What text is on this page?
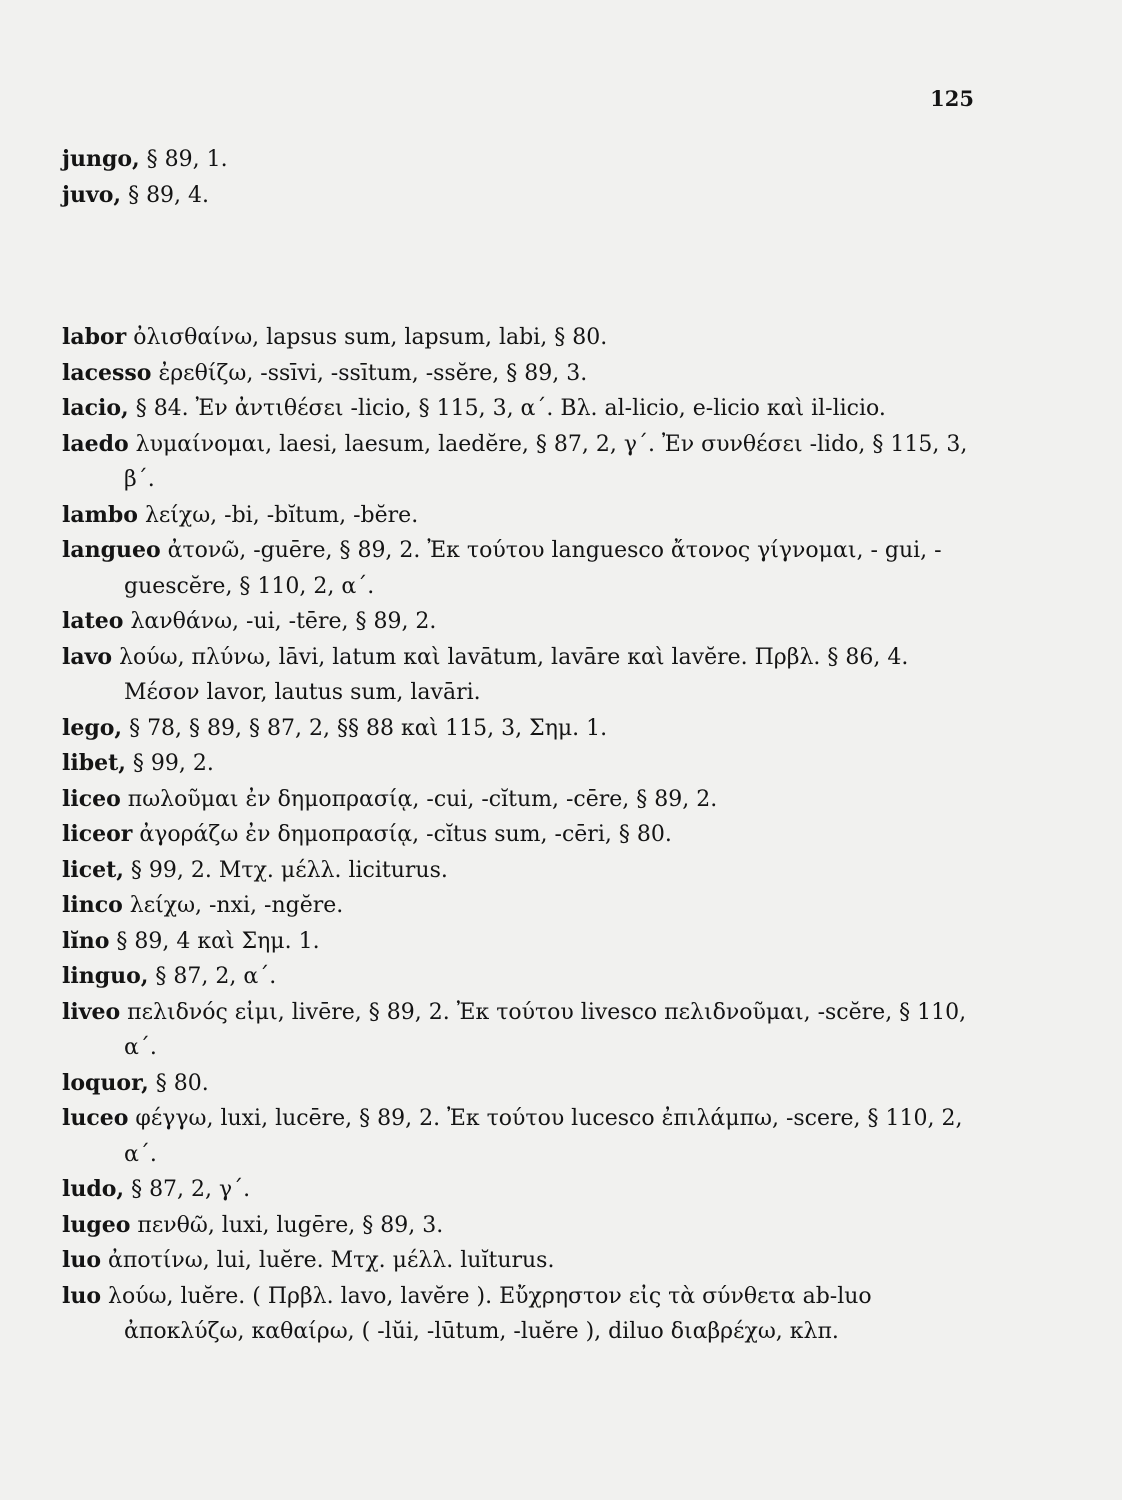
125
jungo, § 89, 1.
juvo, § 89, 4.
labor ὀλισθαίνω, lapsus sum, lapsum, labi, § 80.
lacesso ἐρεθίζω, -ssīvi, -ssītum, -ssĕre, § 89, 3.
lacio, § 84. Ἐν ἀντιθέσει -licio, § 115, 3, α΄. Βλ. al-licio, e-licio καὶ il-licio.
laedo λυμαίνομαι, laesi, laesum, laedĕre, § 87, 2, γ΄. Ἐν συνθέσει -lido, § 115, 3, β΄.
lambo λείχω, -bi, -bĭtum, -bĕre.
langueo ἀτονῶ, -guēre, § 89, 2. Ἐκ τούτου languesco ἄτονος γίγνομαι, - gui, - guescĕre, § 110, 2, α΄.
lateo λανθάνω, -ui, -tēre, § 89, 2.
lavo λούω, πλύνω, lāvi, latum καὶ lavātum, lavāre καὶ lavĕre. Πρβλ. § 86, 4. Μέσον lavor, lautus sum, lavāri.
lego, § 78, § 89, § 87, 2, §§ 88 καὶ 115, 3, Σημ. 1.
libet, § 99, 2.
liceo πωλοῦμαι ἐν δημοπρασίᾳ, -cui, -cĭtum, -cēre, § 89, 2.
liceor ἀγοράζω ἐν δημοπρασίᾳ, -cĭtus sum, -cēri, § 80.
licet, § 99, 2. Μτχ. μέλλ. liciturus.
linco λείχω, -nxi, -ngĕre.
lĭno § 89, 4 καὶ Σημ. 1.
linguo, § 87, 2, α΄.
liveo πελιδνός εἰμι, livēre, § 89, 2. Ἐκ τούτου livesco πελιδνοῦμαι, -scĕre, § 110, α΄.
loquor, § 80.
luceo φέγγω, luxi, lucēre, § 89, 2. Ἐκ τούτου lucesco ἐπιλάμπω, -scere, § 110, 2, α΄.
ludo, § 87, 2, γ΄.
lugeo πενθῶ, luxi, lugēre, § 89, 3.
luo ἀποτίνω, lui, luĕre. Μτχ. μέλλ. luĭturus.
luo λούω, luĕre. ( Πρβλ. lavo, lavĕre ). Εὔχρηστον εἰς τὰ σύνθετα ab-luo ἀποκλύζω, καθαίρω, ( -lŭi, -lūtum, -luĕre ), diluo διαβρέχω, κλπ.
